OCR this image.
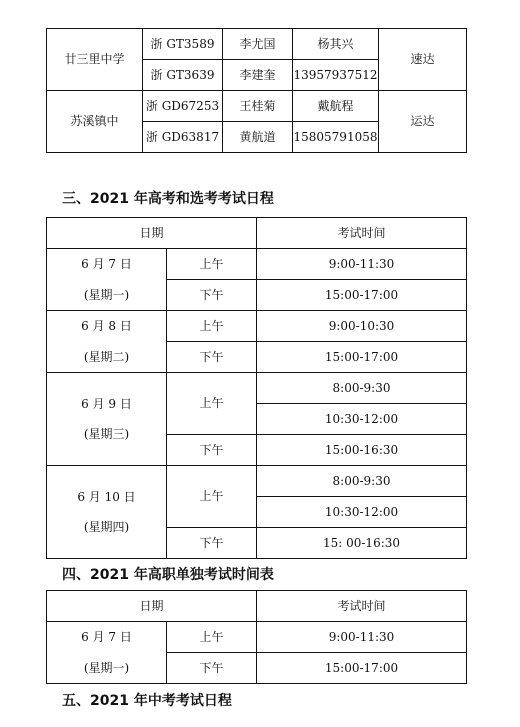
廿三里中学	浙 GT3589	李尤国	杨其兴	速达
	浙 GT3639	李建奎	13957937512	
苏溪镇中	浙 GD67253	王桂菊	戴航程	运达
	浙 GD63817	黄航道	15805791058	
三、2021 年高考和选考考试日程
日期		考试时间

6 月 7 日
(星期一)	上午	9:00-11:30
	下午	15:00-17:00

6 月 8 日
(星期二)	上午	9:00-10:30
	下午	15:00-17:00

6 月 9 日
(星期三)	上午	8:00-9:30
		10:30-12:00
	下午	15:00-16:30

6 月 10 日
(星期四)	上午	8:00-9:30
		10:30-12:00
	下午	15: 00-16:30
四、2021 年高职单独考试时间表
日期		考试时间

6 月 7 日
(星期一)	上午	9:00-11:30
	下午	15:00-17:00
五、2021 年中考考试日程
